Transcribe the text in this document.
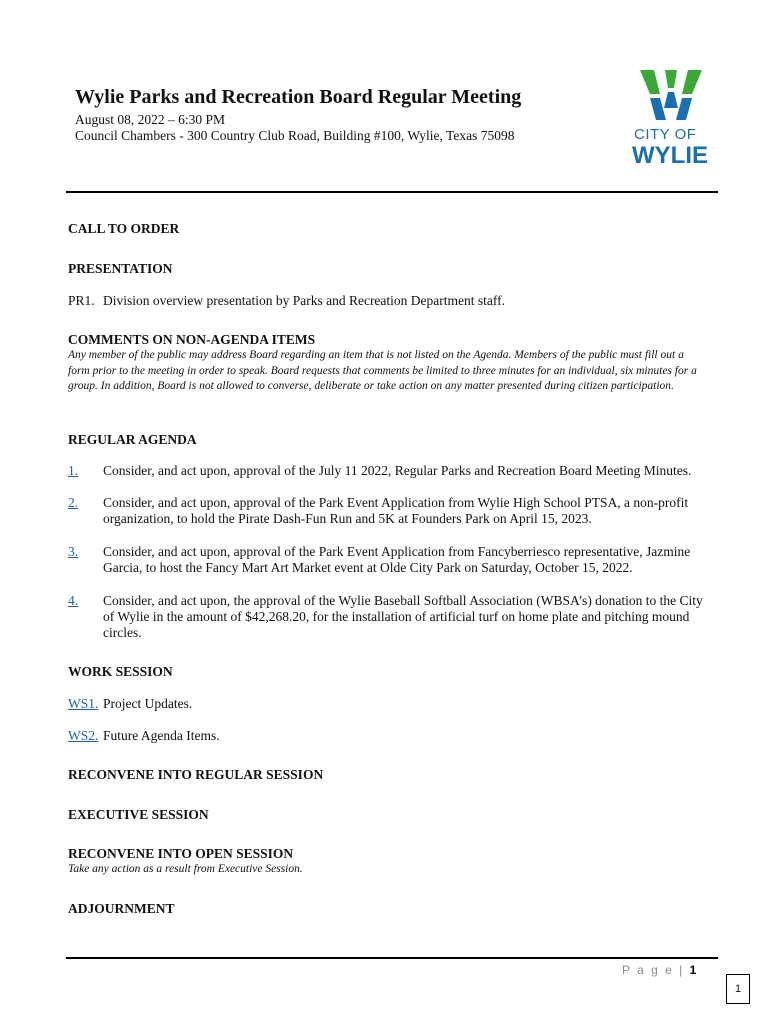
Wylie Parks and Recreation Board Regular Meeting
August 08, 2022 – 6:30 PM
Council Chambers - 300 Country Club Road, Building #100, Wylie, Texas 75098	CITY OF
WYLIE
CALL TO ORDER
PRESENTATION
PR1. Division overview presentation by Parks and Recreation Department staff.
COMMENTS ON NON-AGENDA ITEMS
Any member of the public may address Board regarding an item that is not listed on the Agenda. Members of the public must fill out a form prior to the meeting in order to speak. Board requests that comments be limited to three minutes for an individual, six minutes for a group. In addition, Board is not allowed to converse, deliberate or take action on any matter presented during citizen participation.
REGULAR AGENDA
1. Consider, and act upon, approval of the July 11 2022, Regular Parks and Recreation Board Meeting Minutes.
2. Consider, and act upon, approval of the Park Event Application from Wylie High School PTSA, a non-profit organization, to hold the Pirate Dash-Fun Run and 5K at Founders Park on April 15, 2023.
3. Consider, and act upon, approval of the Park Event Application from Fancyberriesco representative, Jazmine Garcia, to host the Fancy Mart Art Market event at Olde City Park on Saturday, October 15, 2022.
4. Consider, and act upon, the approval of the Wylie Baseball Softball Association (WBSA’s) donation to the City of Wylie in the amount of $42,268.20, for the installation of artificial turf on home plate and pitching mound circles.
WORK SESSION
WS1. Project Updates.
WS2. Future Agenda Items.
RECONVENE INTO REGULAR SESSION
EXECUTIVE SESSION
RECONVENE INTO OPEN SESSION
Take any action as a result from Executive Session.
ADJOURNMENT
P a g e | 1
1
